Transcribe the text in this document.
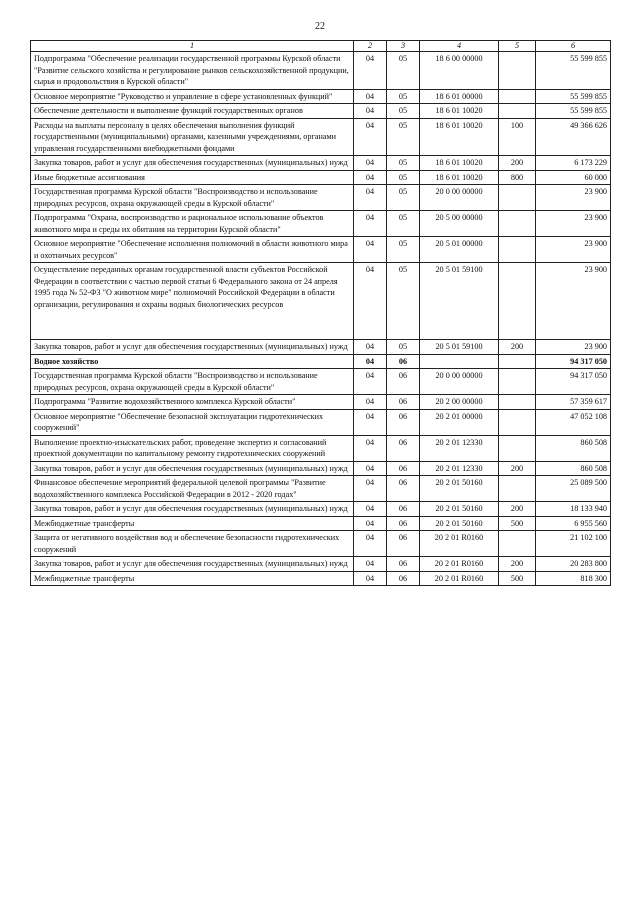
22
1	2	3	4	5	6
Подпрограмма "Обеспечение реализации государственной программы Курской области "Развитие сельского хозяйства и регулирование рынков сельскохозяйственной продукции, сырья и продовольствия в Курской области"	04	05	18 6 00 00000		55 599 855
Основное мероприятие "Руководство и управление в сфере установленных функций"	04	05	18 6 01 00000		55 599 855
Обеспечение деятельности и выполнение функций государственных органов	04	05	18 6 01 10020		55 599 855
Расходы на выплаты персоналу в целях обеспечения выполнения функций государственными (муниципальными) органами, казенными учреждениями, органами управления государственными внебюджетными фондами	04	05	18 6 01 10020	100	49 366 626
Закупка товаров, работ и услуг для обеспечения государственных (муниципальных) нужд	04	05	18 6 01 10020	200	6 173 229
Иные бюджетные ассигнования	04	05	18 6 01 10020	800	60 000
Государственная программа Курской области "Воспроизводство и использование природных ресурсов, охрана окружающей среды в Курской области"	04	05	20 0 00 00000		23 900
Подпрограмма "Охрана, воспроизводство и рациональное использование объектов животного мира и среды их обитания на территории Курской области"	04	05	20 5 00 00000		23 900
Основное мероприятие "Обеспечение исполнения полномочий в области животного мира и охотничьих ресурсов"	04	05	20 5 01 00000		23 900
Осуществление переданных органам государственной власти субъектов Российской Федерации в соответствии с частью первой статьи 6 Федерального закона от 24 апреля 1995 года № 52-ФЗ "О животном мире" полномочий Российской Федерации в области организации, регулирования и охраны водных биологических ресурсов	04	05	20 5 01 59100		23 900
Закупка товаров, работ и услуг для обеспечения государственных (муниципальных) нужд	04	05	20 5 01 59100	200	23 900
Водное хозяйство	04	06			94 317 050
Государственная программа Курской области "Воспроизводство и использование природных ресурсов, охрана окружающей среды в Курской области"	04	06	20 0 00 00000		94 317 050
Подпрограмма "Развитие водохозяйственного комплекса Курской области"	04	06	20 2 00 00000		57 359 617
Основное мероприятие "Обеспечение безопасной эксплуатации гидротехнических сооружений"	04	06	20 2 01 00000		47 052 108
Выполнение проектно-изыскательских работ, проведение экспертиз и согласований проектной документации по капитальному ремонту гидротехнических сооружений	04	06	20 2 01 12330		860 508
Закупка товаров, работ и услуг для обеспечения государственных (муниципальных) нужд	04	06	20 2 01 12330	200	860 508
Финансовое обеспечение мероприятий федеральной целевой программы "Развитие водохозяйственного комплекса Российской Федерации в 2012 - 2020 годах"	04	06	20 2 01 50160		25 089 500
Закупка товаров, работ и услуг для обеспечения государственных (муниципальных) нужд	04	06	20 2 01 50160	200	18 133 940
Межбюджетные трансферты	04	06	20 2 01 50160	500	6 955 560
Защита от негативного воздействия вод и обеспечение безопасности гидротехнических сооружений	04	06	20 2 01 R0160		21 102 100
Закупка товаров, работ и услуг для обеспечения государственных (муниципальных) нужд	04	06	20 2 01 R0160	200	20 283 800
Межбюджетные трансферты	04	06	20 2 01 R0160	500	818 300
